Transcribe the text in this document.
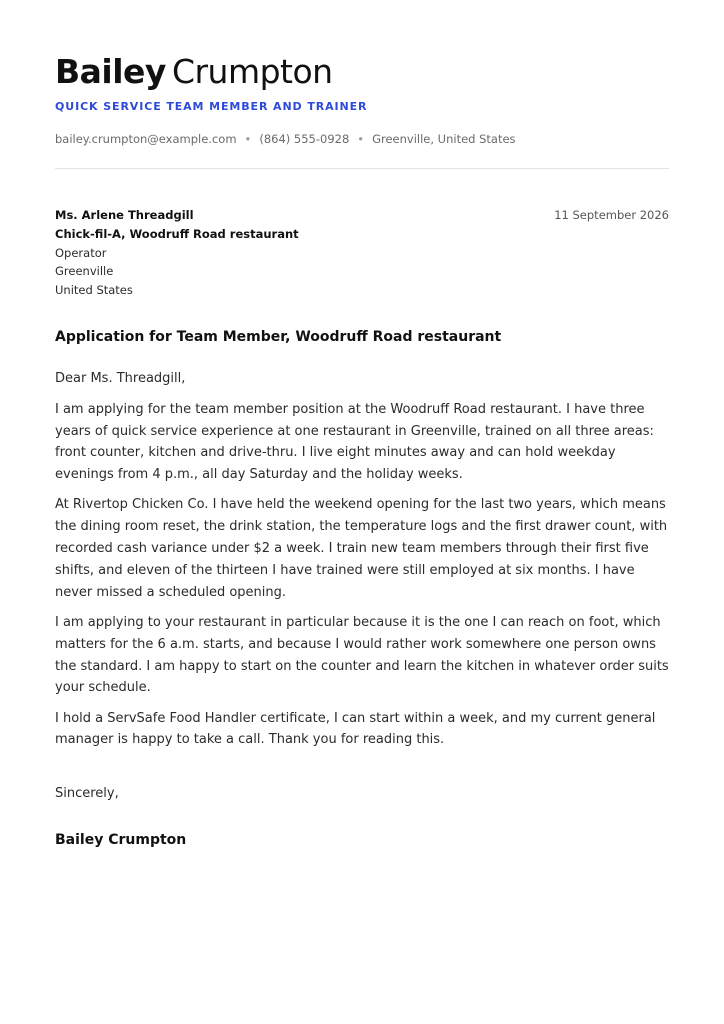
Bailey Crumpton
QUICK SERVICE TEAM MEMBER AND TRAINER
bailey.crumpton@example.com • (864) 555-0928 • Greenville, United States
Ms. Arlene Threadgill
Chick-fil-A, Woodruff Road restaurant
Operator
Greenville
United States
11 September 2026
Application for Team Member, Woodruff Road restaurant

Dear Ms. Threadgill,

I am applying for the team member position at the Woodruff Road restaurant. I have three years of quick service experience at one restaurant in Greenville, trained on all three areas: front counter, kitchen and drive-thru. I live eight minutes away and can hold weekday evenings from 4 p.m., all day Saturday and the holiday weeks.

At Rivertop Chicken Co. I have held the weekend opening for the last two years, which means the dining room reset, the drink station, the temperature logs and the first drawer count, with recorded cash variance under $2 a week. I train new team members through their first five shifts, and eleven of the thirteen I have trained were still employed at six months. I have never missed a scheduled opening.

I am applying to your restaurant in particular because it is the one I can reach on foot, which matters for the 6 a.m. starts, and because I would rather work somewhere one person owns the standard. I am happy to start on the counter and learn the kitchen in whatever order suits your schedule.

I hold a ServSafe Food Handler certificate, I can start within a week, and my current general manager is happy to take a call. Thank you for reading this.

Sincerely,
Bailey Crumpton
